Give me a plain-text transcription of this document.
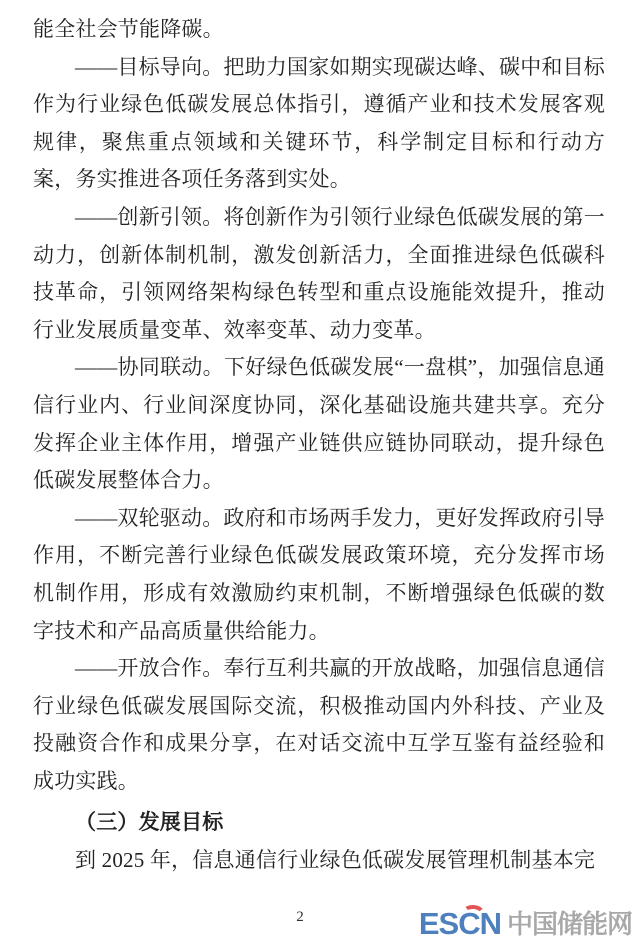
能全社会节能降碳。

——目标导向。把助力国家如期实现碳达峰、碳中和目标作为行业绿色低碳发展总体指引，遵循产业和技术发展客观规律，聚焦重点领域和关键环节，科学制定目标和行动方案，务实推进各项任务落到实处。

——创新引领。将创新作为引领行业绿色低碳发展的第一动力，创新体制机制，激发创新活力，全面推进绿色低碳科技革命，引领网络架构绿色转型和重点设施能效提升，推动行业发展质量变革、效率变革、动力变革。

——协同联动。下好绿色低碳发展“一盘棋”，加强信息通信行业内、行业间深度协同，深化基础设施共建共享。充分发挥企业主体作用，增强产业链供应链协同联动，提升绿色低碳发展整体合力。

——双轮驱动。政府和市场两手发力，更好发挥政府引导作用，不断完善行业绿色低碳发展政策环境，充分发挥市场机制作用，形成有效激励约束机制，不断增强绿色低碳的数字技术和产品高质量供给能力。

——开放合作。奉行互利共赢的开放战略，加强信息通信行业绿色低碳发展国际交流，积极推动国内外科技、产业及投融资合作和成果分享，在对话交流中互学互鉴有益经验和成功实践。

（三）发展目标

到 2025 年，信息通信行业绿色低碳发展管理机制基本完

2	ESCN 中国储能网
